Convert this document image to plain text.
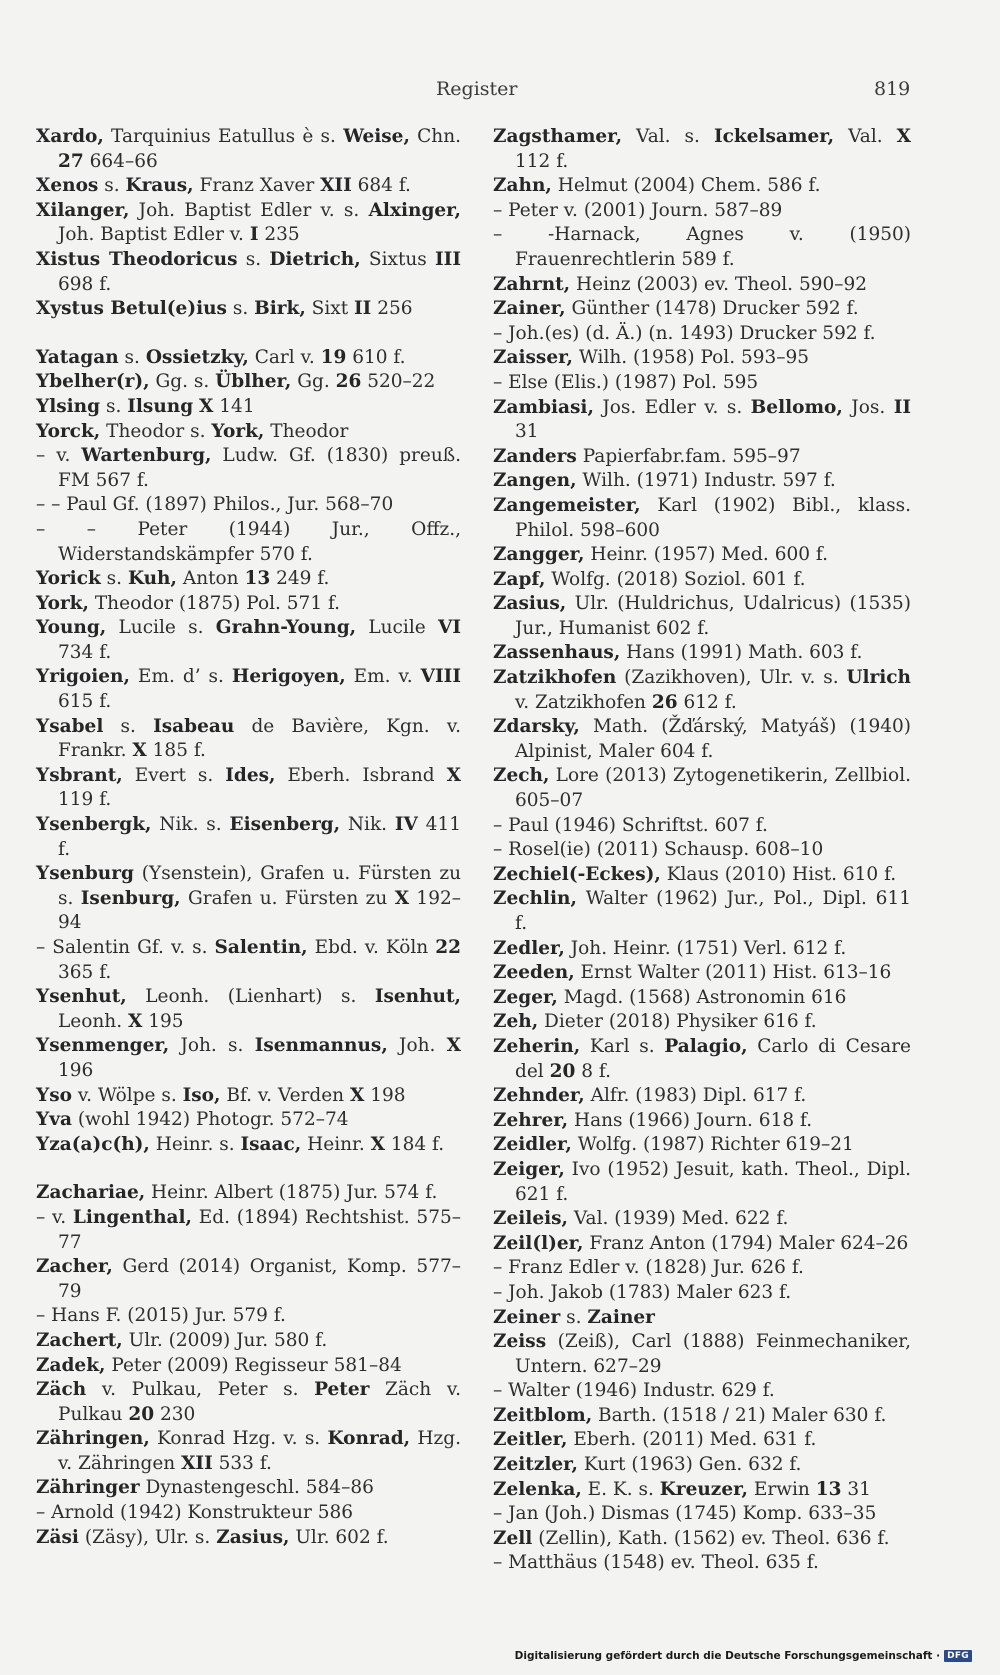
Register	819
Xardo, Tarquinius Eatullus è s. Weise, Chn. 27 664–66
Xenos s. Kraus, Franz Xaver XII 684 f.
Xilanger, Joh. Baptist Edler v. s. Alxinger, Joh. Baptist Edler v. I 235
Xistus Theodoricus s. Dietrich, Sixtus III 698 f.
Xystus Betul(e)ius s. Birk, Sixt II 256
Yatagan s. Ossietzky, Carl v. 19 610 f.
Ybelher(r), Gg. s. Üblher, Gg. 26 520–22
Ylsing s. Ilsung X 141
Yorck, Theodor s. York, Theodor
– v. Wartenburg, Ludw. Gf. (1830) preuß. FM 567 f.
– – Paul Gf. (1897) Philos., Jur. 568–70
– – Peter (1944) Jur., Offz., Widerstandskämpfer 570 f.
Yorick s. Kuh, Anton 13 249 f.
York, Theodor (1875) Pol. 571 f.
Young, Lucile s. Grahn-Young, Lucile VI 734 f.
Yrigoien, Em. d’ s. Herigoyen, Em. v. VIII 615 f.
Ysabel s. Isabeau de Bavière, Kgn. v. Frankr. X 185 f.
Ysbrant, Evert s. Ides, Eberh. Isbrand X 119 f.
Ysenbergk, Nik. s. Eisenberg, Nik. IV 411 f.
Ysenburg (Ysenstein), Grafen u. Fürsten zu s. Isenburg, Grafen u. Fürsten zu X 192–94
– Salentin Gf. v. s. Salentin, Ebd. v. Köln 22 365 f.
Ysenhut, Leonh. (Lienhart) s. Isenhut, Leonh. X 195
Ysenmenger, Joh. s. Isenmannus, Joh. X 196
Yso v. Wölpe s. Iso, Bf. v. Verden X 198
Yva (wohl 1942) Photogr. 572–74
Yza(a)c(h), Heinr. s. Isaac, Heinr. X 184 f.
Zachariae, Heinr. Albert (1875) Jur. 574 f.
– v. Lingenthal, Ed. (1894) Rechtshist. 575–77
Zacher, Gerd (2014) Organist, Komp. 577–79
– Hans F. (2015) Jur. 579 f.
Zachert, Ulr. (2009) Jur. 580 f.
Zadek, Peter (2009) Regisseur 581–84
Zäch v. Pulkau, Peter s. Peter Zäch v. Pulkau 20 230
Zähringen, Konrad Hzg. v. s. Konrad, Hzg. v. Zähringen XII 533 f.
Zähringer Dynastengeschl. 584–86
– Arnold (1942) Konstrukteur 586
Zäsi (Zäsy), Ulr. s. Zasius, Ulr. 602 f.
Zagsthamer, Val. s. Ickelsamer, Val. X 112 f.
Zahn, Helmut (2004) Chem. 586 f.
– Peter v. (2001) Journ. 587–89
– -Harnack, Agnes v. (1950) Frauenrechtlerin 589 f.
Zahrnt, Heinz (2003) ev. Theol. 590–92
Zainer, Günther (1478) Drucker 592 f.
– Joh.(es) (d. Ä.) (n. 1493) Drucker 592 f.
Zaisser, Wilh. (1958) Pol. 593–95
– Else (Elis.) (1987) Pol. 595
Zambiasi, Jos. Edler v. s. Bellomo, Jos. II 31
Zanders Papierfabr.fam. 595–97
Zangen, Wilh. (1971) Industr. 597 f.
Zangemeister, Karl (1902) Bibl., klass. Philol. 598–600
Zangger, Heinr. (1957) Med. 600 f.
Zapf, Wolfg. (2018) Soziol. 601 f.
Zasius, Ulr. (Huldrichus, Udalricus) (1535) Jur., Humanist 602 f.
Zassenhaus, Hans (1991) Math. 603 f.
Zatzikhofen (Zazikhoven), Ulr. v. s. Ulrich v. Zatzikhofen 26 612 f.
Zdarsky, Math. (Žďárský, Matyáš) (1940) Alpinist, Maler 604 f.
Zech, Lore (2013) Zytogenetikerin, Zellbiol. 605–07
– Paul (1946) Schriftst. 607 f.
– Rosel(ie) (2011) Schausp. 608–10
Zechiel(-Eckes), Klaus (2010) Hist. 610 f.
Zechlin, Walter (1962) Jur., Pol., Dipl. 611 f.
Zedler, Joh. Heinr. (1751) Verl. 612 f.
Zeeden, Ernst Walter (2011) Hist. 613–16
Zeger, Magd. (1568) Astronomin 616
Zeh, Dieter (2018) Physiker 616 f.
Zeherin, Karl s. Palagio, Carlo di Cesare del 20 8 f.
Zehnder, Alfr. (1983) Dipl. 617 f.
Zehrer, Hans (1966) Journ. 618 f.
Zeidler, Wolfg. (1987) Richter 619–21
Zeiger, Ivo (1952) Jesuit, kath. Theol., Dipl. 621 f.
Zeileis, Val. (1939) Med. 622 f.
Zeil(l)er, Franz Anton (1794) Maler 624–26
– Franz Edler v. (1828) Jur. 626 f.
– Joh. Jakob (1783) Maler 623 f.
Zeiner s. Zainer
Zeiss (Zeiß), Carl (1888) Feinmechaniker, Untern. 627–29
– Walter (1946) Industr. 629 f.
Zeitblom, Barth. (1518 / 21) Maler 630 f.
Zeitler, Eberh. (2011) Med. 631 f.
Zeitzler, Kurt (1963) Gen. 632 f.
Zelenka, E. K. s. Kreuzer, Erwin 13 31
– Jan (Joh.) Dismas (1745) Komp. 633–35
Zell (Zellin), Kath. (1562) ev. Theol. 636 f.
– Matthäus (1548) ev. Theol. 635 f.
Digitalisierung gefördert durch die Deutsche Forschungsgemeinschaft · DFG
